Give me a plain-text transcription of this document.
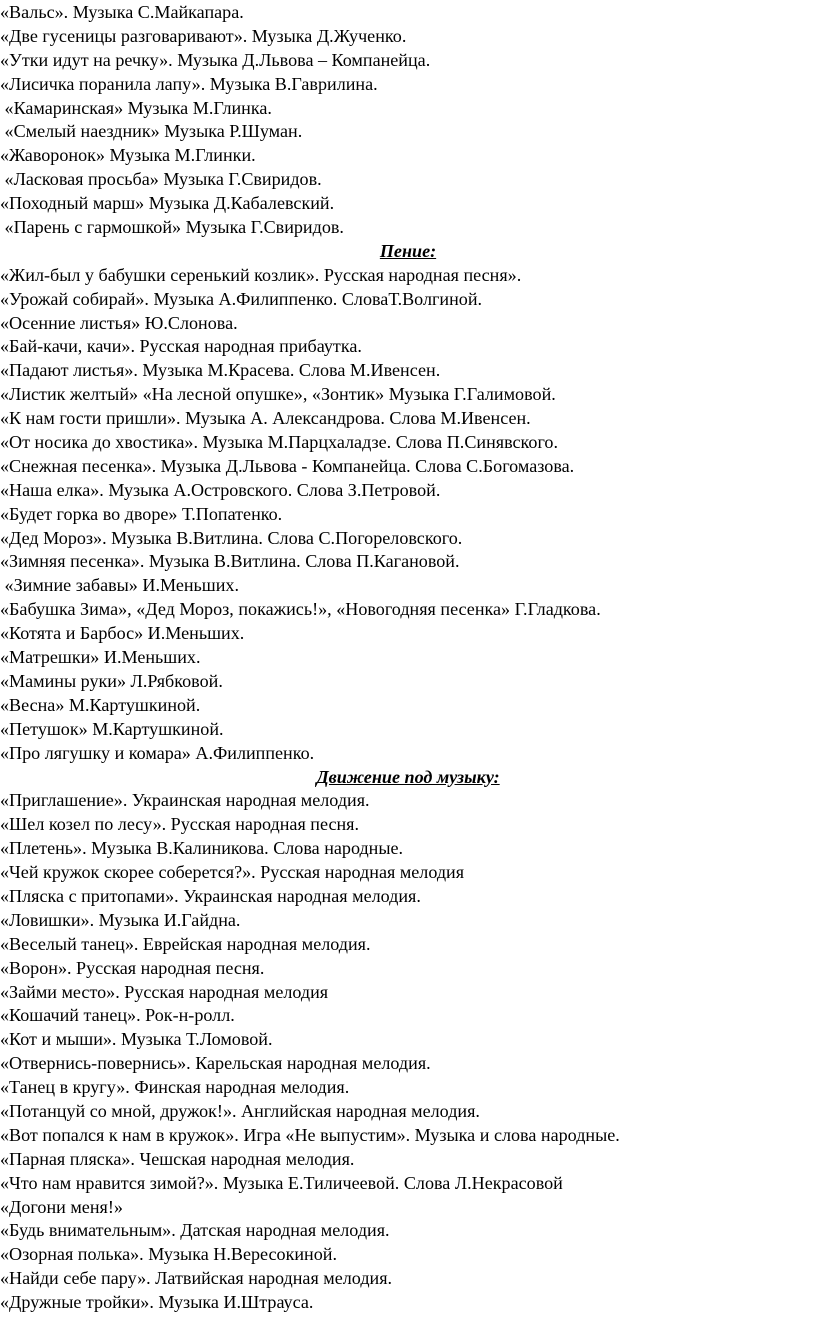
«Вальс». Музыка С.Майкапара.
«Две гусеницы разговаривают». Музыка Д.Жученко.
«Утки идут на речку». Музыка Д.Львова – Компанейца.
«Лисичка поранила лапу». Музыка В.Гаврилина.
«Камаринская» Музыка М.Глинка.
«Смелый наездник» Музыка Р.Шуман.
«Жаворонок» Музыка М.Глинки.
«Ласковая просьба» Музыка Г.Свиридов.
«Походный марш» Музыка Д.Кабалевский.
«Парень с гармошкой» Музыка Г.Свиридов.
Пение:
«Жил-был у бабушки серенький козлик». Русская народная песня».
«Урожай собирай». Музыка А.Филиппенко. СловаТ.Волгиной.
«Осенние листья» Ю.Слонова.
«Бай-качи, качи». Русская народная прибаутка.
«Падают листья». Музыка М.Красева. Слова М.Ивенсен.
«Листик желтый» «На лесной опушке», «Зонтик» Музыка Г.Галимовой.
«К нам гости пришли». Музыка А. Александрова. Слова М.Ивенсен.
«От носика до хвостика». Музыка М.Парцхаладзе. Слова П.Синявского.
«Снежная песенка». Музыка Д.Львова - Компанейца. Слова С.Богомазова.
«Наша елка». Музыка А.Островского. Слова З.Петровой.
«Будет горка во дворе» Т.Попатенко.
«Дед Мороз». Музыка В.Витлина. Слова С.Погореловского.
«Зимняя песенка». Музыка В.Витлина. Слова П.Кагановой.
«Зимние забавы» И.Меньших.
«Бабушка Зима», «Дед Мороз, покажись!», «Новогодняя песенка» Г.Гладкова.
«Котята и Барбос» И.Меньших.
«Матрешки» И.Меньших.
«Мамины руки» Л.Рябковой.
«Весна» М.Картушкиной.
«Петушок» М.Картушкиной.
«Про лягушку и комара» А.Филиппенко.
Движение под музыку:
«Приглашение». Украинская народная мелодия.
«Шел козел по лесу». Русская народная песня.
«Плетень». Музыка В.Калиникова. Слова народные.
«Чей кружок скорее соберется?». Русская народная мелодия
«Пляска с притопами». Украинская народная мелодия.
«Ловишки». Музыка И.Гайдна.
«Веселый танец». Еврейская народная мелодия.
«Ворон». Русская народная песня.
«Займи место». Русская народная мелодия
«Кошачий танец». Рок-н-ролл.
«Кот и мыши». Музыка Т.Ломовой.
«Отвернись-повернись». Карельская народная мелодия.
«Танец в кругу». Финская народная мелодия.
«Потанцуй со мной, дружок!». Английская народная мелодия.
«Вот попался к нам в кружок». Игра «Не выпустим». Музыка и слова народные.
«Парная пляска». Чешская народная мелодия.
«Что нам нравится зимой?». Музыка Е.Тиличеевой. Слова Л.Некрасовой
«Догони меня!»
«Будь внимательным». Датская народная мелодия.
«Озорная полька». Музыка Н.Вересокиной.
«Найди себе пару». Латвийская народная мелодия.
«Дружные тройки». Музыка И.Штрауса.
